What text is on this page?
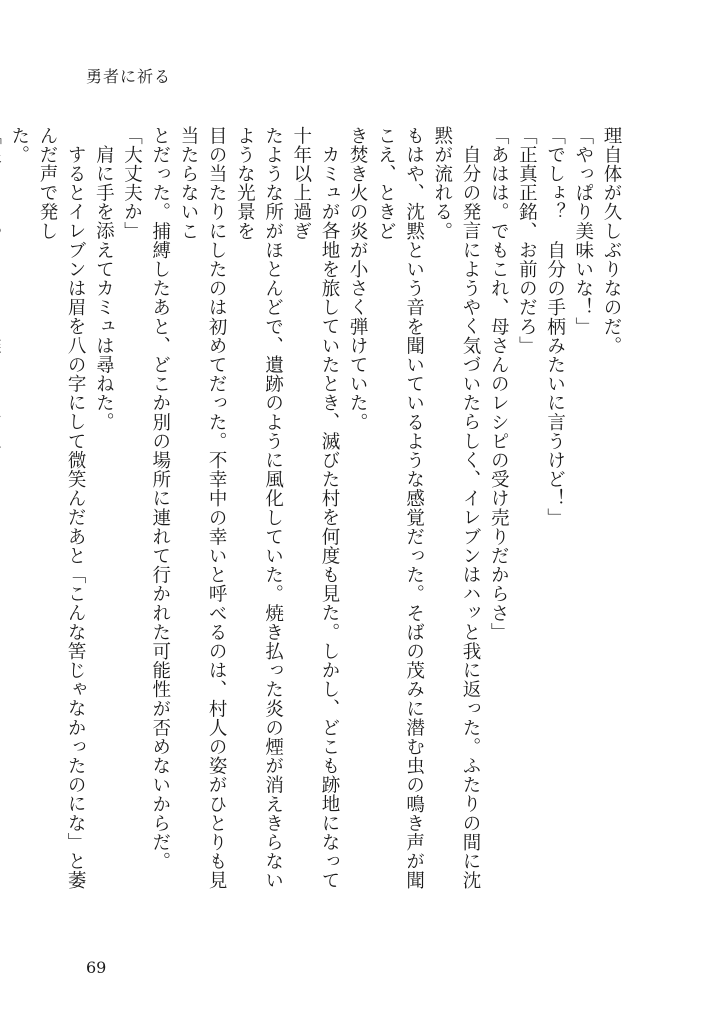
勇者に祈る
理自体が久しぶりなのだ。
「やっぱり美味いな！」
「でしょ？　自分の手柄みたいに言うけど！」
「正真正銘、お前のだろ」
「あはは。でもこれ、母さんのレシピの受け売りだからさ」
自分の発言にようやく気づいたらしく、イレブンはハッと我に返った。ふたりの間に沈黙が流れる。
もはや、沈黙という音を聞いているような感覚だった。そばの茂みに潜む虫の鳴き声が聞こえ、ときど
き焚き火の炎が小さく弾けていた。
カミュが各地を旅していたとき、滅びた村を何度も見た。しかし、どこも跡地になって十年以上過ぎ
たような所がほとんどで、遺跡のように風化していた。焼き払った炎の煙が消えきらないような光景を
目の当たりにしたのは初めてだった。不幸中の幸いと呼べるのは、村人の姿がひとりも見当たらないこ
とだった。捕縛したあと、どこか別の場所に連れて行かれた可能性が否めないからだ。
「大丈夫か」
肩に手を添えてカミュは尋ねた。
するとイレブンは眉を八の字にして微笑んだあと「こんな筈じゃなかったのにな」と萎んだ声で発し
た。
69
